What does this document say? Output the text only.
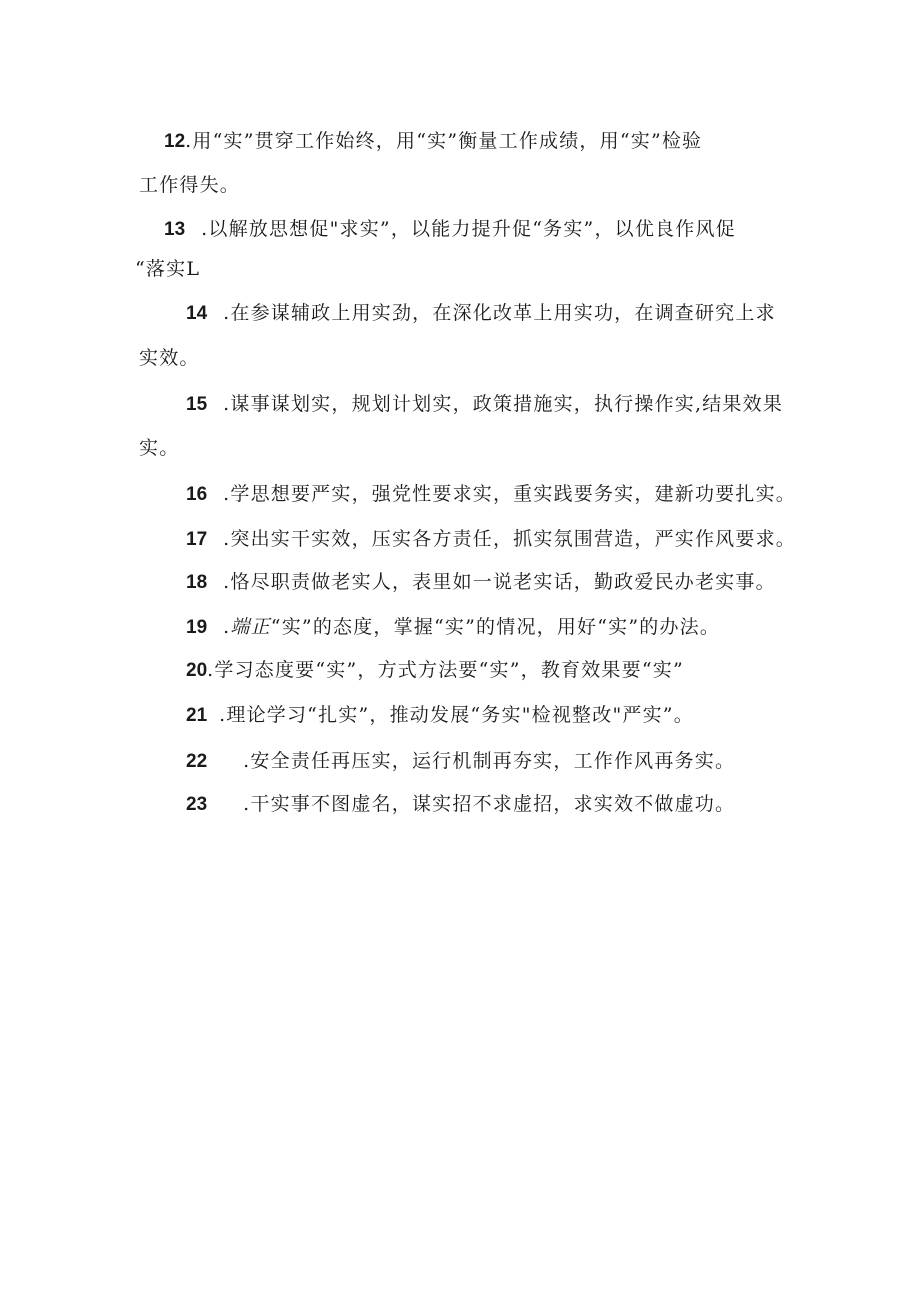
12.用“实”贯穿工作始终，用“实”衡量工作成绩，用“实”检验
工作得失。
13 .以解放思想促"求实”，以能力提升促“务实”，以优良作风促
“落实L
14 .在参谋辅政上用实劲，在深化改革上用实功，在调查研究上求
实效。
15 .谋事谋划实，规划计划实，政策措施实，执行操作实,结果效果
实。
16 .学思想要严实，强党性要求实，重实践要务实，建新功要扎实。
17 .突出实干实效，压实各方责任，抓实氛围营造，严实作风要求。
18 .恪尽职责做老实人，表里如一说老实话，勤政爱民办老实事。
19 .端正“实”的态度，掌握“实”的情况，用好“实”的办法。
20.学习态度要“实”，方式方法要“实”，教育效果要“实”
21 .理论学习“扎实”，推动发展“务实"检视整改"严实”。
22 .安全责任再压实，运行机制再夯实，工作作风再务实。
23 .干实事不图虚名，谋实招不求虚招，求实效不做虚功。
